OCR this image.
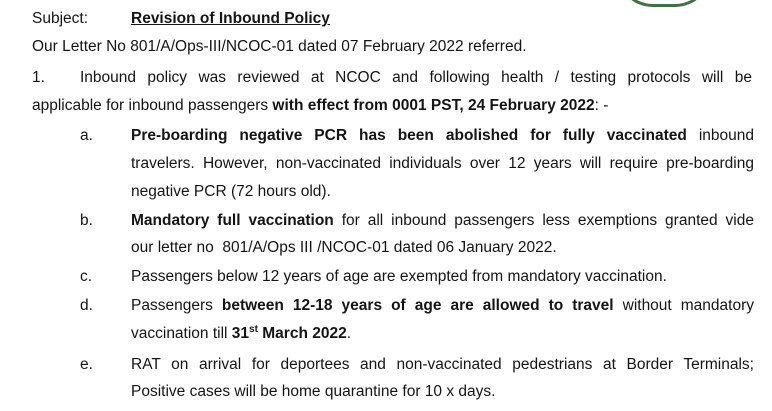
Subject:	Revision of Inbound Policy
Our Letter No 801/A/Ops-III/NCOC-01 dated 07 February 2022 referred.
1. Inbound policy was reviewed at NCOC and following health / testing protocols will be
applicable for inbound passengers with effect from 0001 PST, 24 February 2022: -
a. Pre-boarding negative PCR has been abolished for fully vaccinated inbound
travelers. However, non-vaccinated individuals over 12 years will require pre-boarding
negative PCR (72 hours old).
b. Mandatory full vaccination for all inbound passengers less exemptions granted vide
our letter no  801/A/Ops III /NCOC-01 dated 06 January 2022.
c.	Passengers below 12 years of age are exempted from mandatory vaccination.
d. Passengers between 12-18 years of age are allowed to travel without mandatory
vaccination till 31st March 2022.
e. RAT on arrival for deportees and non-vaccinated pedestrians at Border Terminals;
Positive cases will be home quarantine for 10 x days.
